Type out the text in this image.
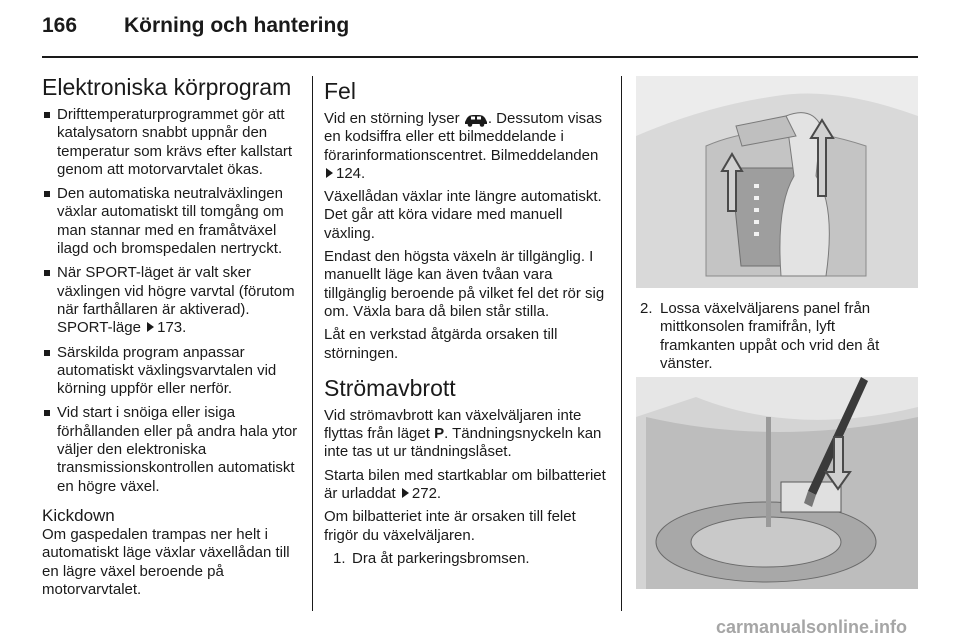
166 Körning och hantering
Elektroniska körprogram
Drifttemperaturprogrammet gör att katalysatorn snabbt uppnår den temperatur som krävs efter kallstart genom att motorvarvtalet ökas.
Den automatiska neutralväxlingen växlar automatiskt till tomgång om man stannar med en framåtväxel ilagd och bromspedalen nertryckt.
När SPORT-läget är valt sker växlingen vid högre varvtal (förutom när farthållaren är aktiverad). SPORT-läge 173.
Särskilda program anpassar automatiskt växlingsvarvtalen vid körning uppför eller nerför.
Vid start i snöiga eller isiga förhållanden eller på andra hala ytor väljer den elektroniska transmissionskontrollen automatiskt en högre växel.
Kickdown

Om gaspedalen trampas ner helt i automatiskt läge växlar växellådan till en lägre växel beroende på motorvarvtalet.

Fel

Vid en störning lyser . Dessutom visas en kodsiffra eller ett bilmeddelande i förarinformationscentret. Bilmeddelanden 124.

Växellådan växlar inte längre automatiskt. Det går att köra vidare med manuell växling.

Endast den högsta växeln är tillgänglig. I manuellt läge kan även tvåan vara tillgänglig beroende på vilket fel det rör sig om. Växla bara då bilen står stilla.

Låt en verkstad åtgärda orsaken till störningen.

Strömavbrott

Vid strömavbrott kan växelväljaren inte flyttas från läget P. Tändningsnyckeln kan inte tas ut ur tändningslåset.

Starta bilen med startkablar om bilbatteriet är urladdat 272.

Om bilbatteriet inte är orsaken till felet frigör du växelväljaren.

1. Dra åt parkeringsbromsen.
2. Lossa växelväljarens panel från mittkonsolen framifrån, lyft framkanten uppåt och vrid den åt vänster.
carmanualsonline.info
